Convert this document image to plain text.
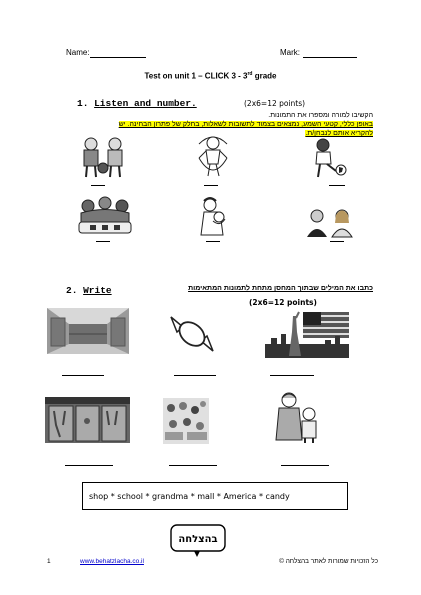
Name:	Mark:
Test on unit 1 – CLICK 3 - 3rd grade
1. Listen and number.	(2x6=12 points)
הקשיבו למורה ומספרו את התמונות.
באופן כללי, קטעי השמע, נמצאים בצמוד לתשובות לשאלות, בחלק של פתרון הבחינה. יש
להקריא אותם לנבחן/ת.
2. Write	כתבו את המילים שבתוך המחסן מתחת לתמונות המתאימות
(2x6=12 points)
shop * school * grandma * mall * America * candy
בהצלחה
1	www.behatzlacha.co.il	כל הזכויות שמורות לאתר בהצלחה ©
